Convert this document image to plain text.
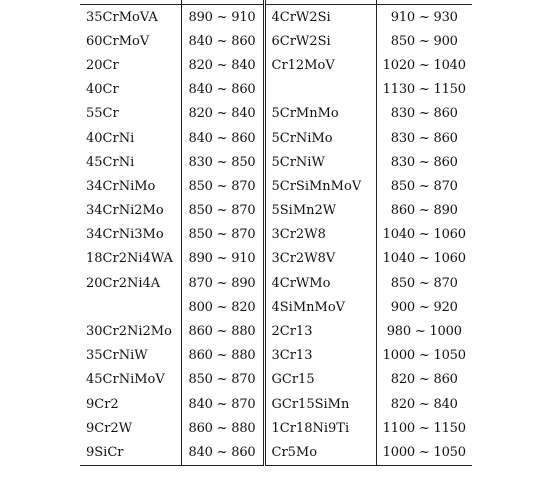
35CrMoVA	890 ~ 910	4CrW2Si	910 ~ 930
60CrMoV	840 ~ 860	6CrW2Si	850 ~ 900
20Cr	820 ~ 840	Cr12MoV	1020 ~ 1040
40Cr	840 ~ 860		1130 ~ 1150
55Cr	820 ~ 840	5CrMnMo	830 ~ 860
40CrNi	840 ~ 860	5CrNiMo	830 ~ 860
45CrNi	830 ~ 850	5CrNiW	830 ~ 860
34CrNiMo	850 ~ 870	5CrSiMnMoV	850 ~ 870
34CrNi2Mo	850 ~ 870	5SiMn2W	860 ~ 890
34CrNi3Mo	850 ~ 870	3Cr2W8	1040 ~ 1060
18Cr2Ni4WA	890 ~ 910	3Cr2W8V	1040 ~ 1060
20Cr2Ni4A	870 ~ 890	4CrWMo	850 ~ 870
	800 ~ 820	4SiMnMoV	900 ~ 920
30Cr2Ni2Mo	860 ~ 880	2Cr13	980 ~ 1000
35CrNiW	860 ~ 880	3Cr13	1000 ~ 1050
45CrNiMoV	850 ~ 870	GCr15	820 ~ 860
9Cr2	840 ~ 870	GCr15SiMn	820 ~ 840
9Cr2W	860 ~ 880	1Cr18Ni9Ti	1100 ~ 1150
9SiCr	840 ~ 860	Cr5Mo	1000 ~ 1050
